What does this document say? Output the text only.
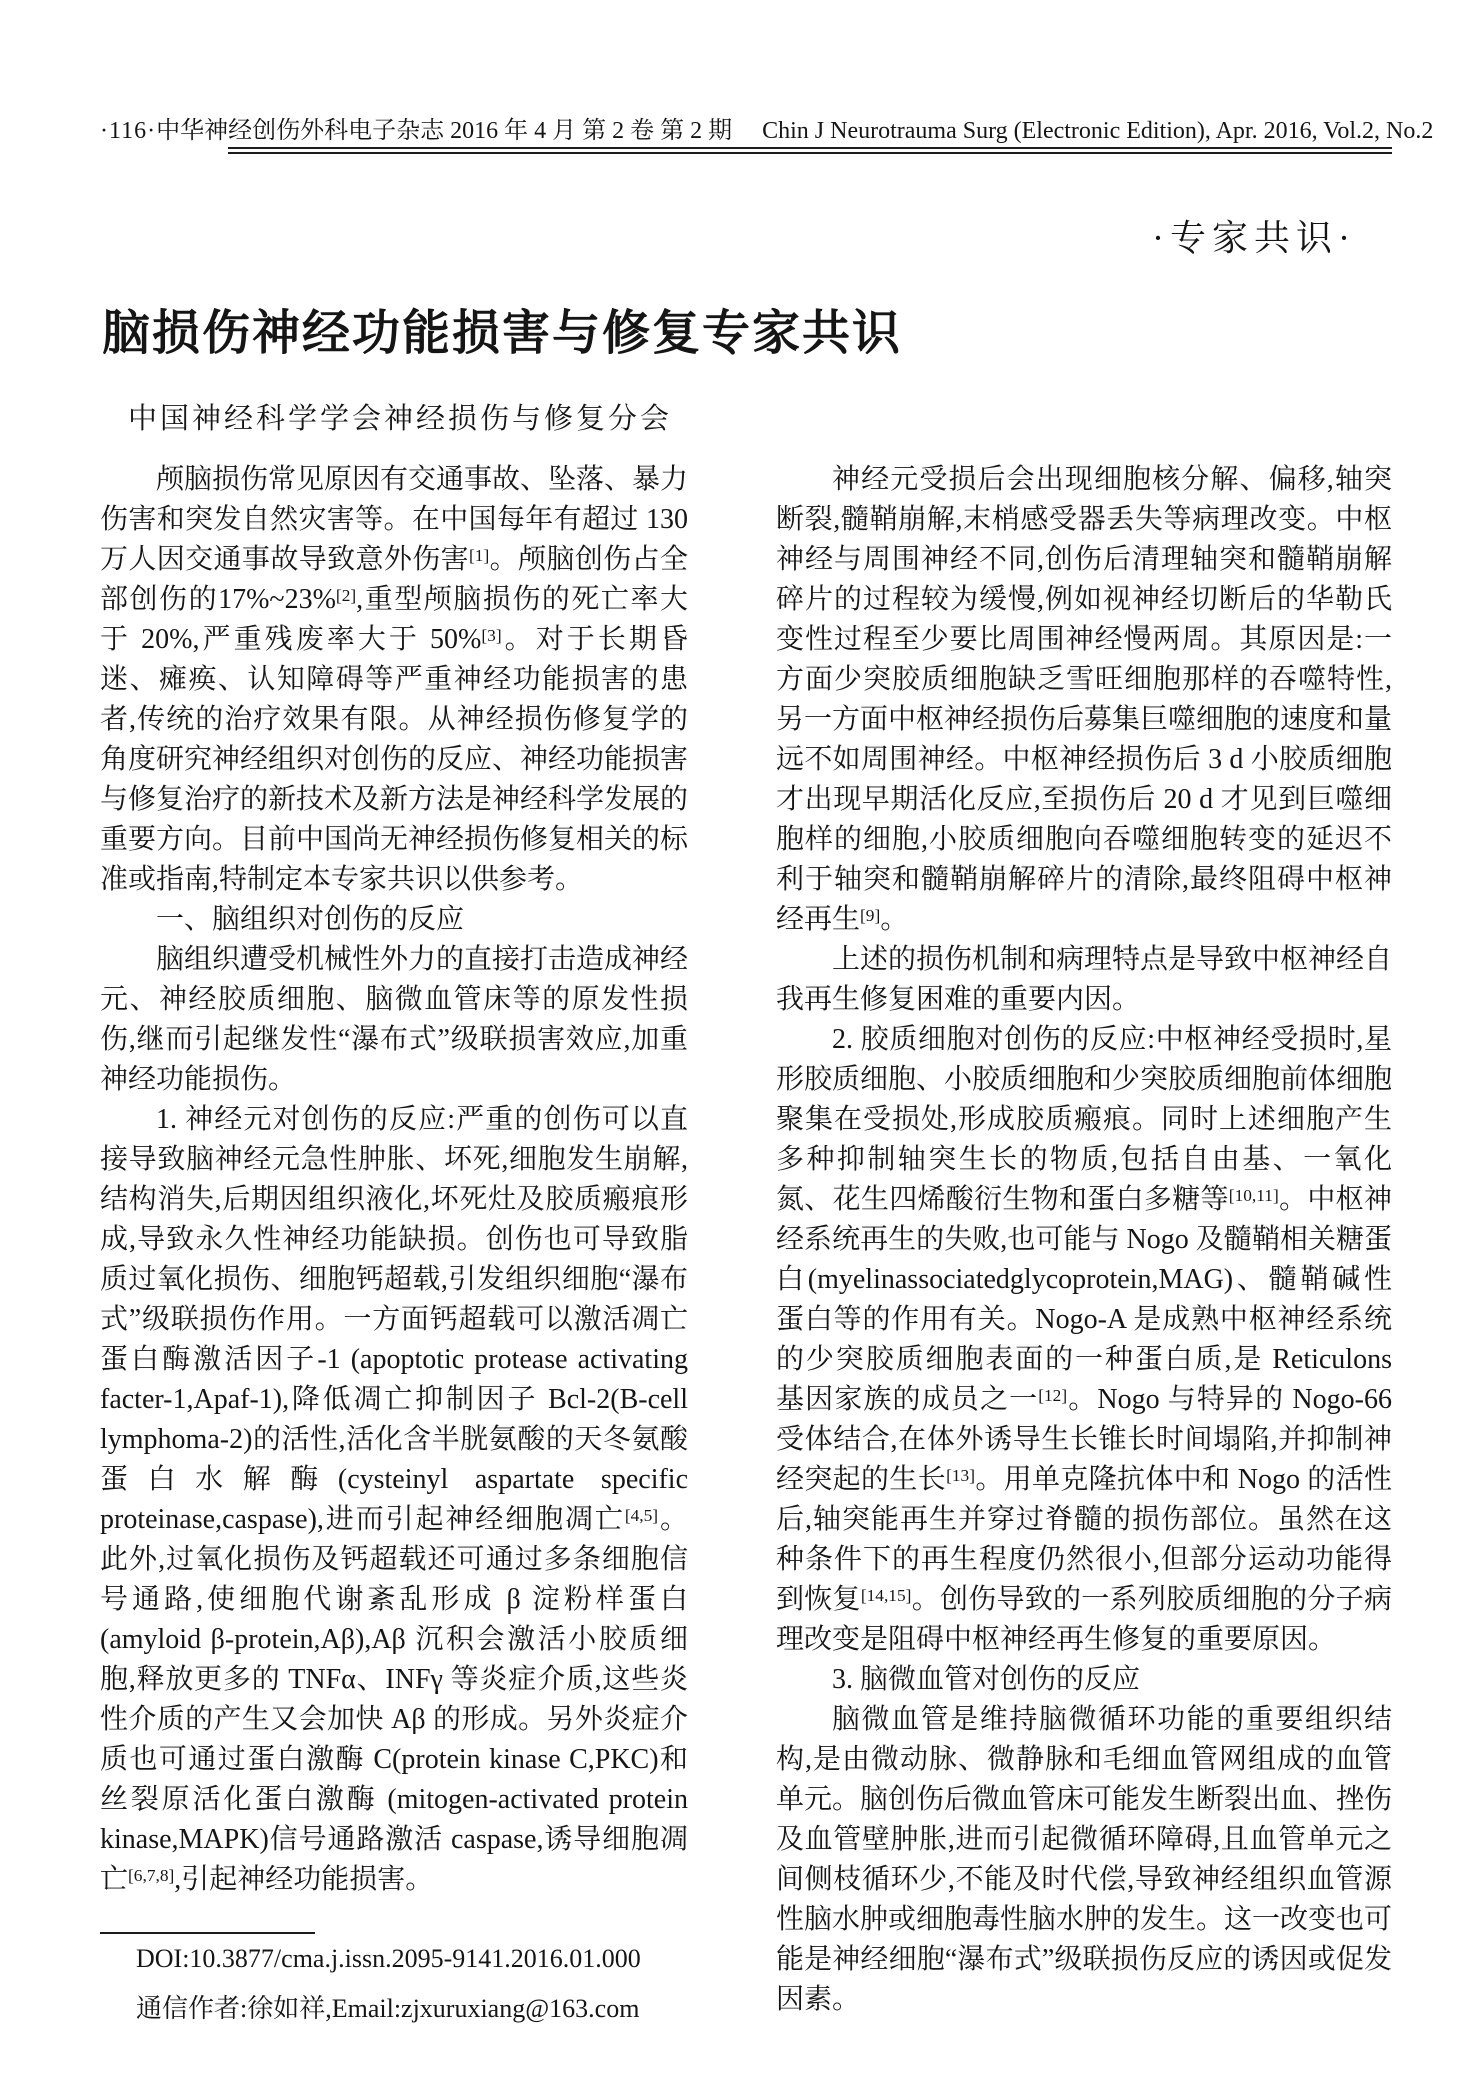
·116· 中华神经创伤外科电子杂志 2016 年 4 月 第 2 卷 第 2 期 Chin J Neurotrauma Surg (Electronic Edition), Apr. 2016, Vol.2, No.2
·专家共识·
脑损伤神经功能损害与修复专家共识
中国神经科学学会神经损伤与修复分会

颅脑损伤常见原因有交通事故、坠落、暴力伤害和突发自然灾害等。在中国每年有超过 130 万人因交通事故导致意外伤害[1]。颅脑创伤占全部创伤的17%~23%[2],重型颅脑损伤的死亡率大于 20%,严重残废率大于 50%[3]。对于长期昏迷、瘫痪、认知障碍等严重神经功能损害的患者,传统的治疗效果有限。从神经损伤修复学的角度研究神经组织对创伤的反应、神经功能损害与修复治疗的新技术及新方法是神经科学发展的重要方向。目前中国尚无神经损伤修复相关的标准或指南,特制定本专家共识以供参考。

一、脑组织对创伤的反应

脑组织遭受机械性外力的直接打击造成神经元、神经胶质细胞、脑微血管床等的原发性损伤,继而引起继发性“瀑布式”级联损害效应,加重神经功能损伤。

1. 神经元对创伤的反应:严重的创伤可以直接导致脑神经元急性肿胀、坏死,细胞发生崩解,结构消失,后期因组织液化,坏死灶及胶质瘢痕形成,导致永久性神经功能缺损。创伤也可导致脂质过氧化损伤、细胞钙超载,引发组织细胞“瀑布式”级联损伤作用。一方面钙超载可以激活凋亡蛋白酶激活因子-1 (apoptotic protease activating facter-1,Apaf-1),降低凋亡抑制因子 Bcl-2(B-cell lymphoma-2)的活性,活化含半胱氨酸的天冬氨酸蛋白水解酶(cysteinyl aspartate specific proteinase,caspase),进而引起神经细胞凋亡[4,5]。此外,过氧化损伤及钙超载还可通过多条细胞信号通路,使细胞代谢紊乱形成 β 淀粉样蛋白 (amyloid β-protein,Aβ),Aβ 沉积会激活小胶质细胞,释放更多的 TNFα、INFγ 等炎症介质,这些炎性介质的产生又会加快 Aβ 的形成。另外炎症介质也可通过蛋白激酶 C(protein kinase C,PKC)和丝裂原活化蛋白激酶 (mitogen-activated protein kinase,MAPK)信号通路激活 caspase,诱导细胞凋亡[6,7,8],引起神经功能损害。

DOI:10.3877/cma.j.issn.2095-9141.2016.01.000
通信作者:徐如祥,Email:zjxuruxiang@163.com

神经元受损后会出现细胞核分解、偏移,轴突断裂,髓鞘崩解,末梢感受器丢失等病理改变。中枢神经与周围神经不同,创伤后清理轴突和髓鞘崩解碎片的过程较为缓慢,例如视神经切断后的华勒氏变性过程至少要比周围神经慢两周。其原因是:一方面少突胶质细胞缺乏雪旺细胞那样的吞噬特性,另一方面中枢神经损伤后募集巨噬细胞的速度和量远不如周围神经。中枢神经损伤后 3 d 小胶质细胞才出现早期活化反应,至损伤后 20 d 才见到巨噬细胞样的细胞,小胶质细胞向吞噬细胞转变的延迟不利于轴突和髓鞘崩解碎片的清除,最终阻碍中枢神经再生[9]。

上述的损伤机制和病理特点是导致中枢神经自我再生修复困难的重要内因。

2. 胶质细胞对创伤的反应:中枢神经受损时,星形胶质细胞、小胶质细胞和少突胶质细胞前体细胞聚集在受损处,形成胶质瘢痕。同时上述细胞产生多种抑制轴突生长的物质,包括自由基、一氧化氮、花生四烯酸衍生物和蛋白多糖等[10,11]。中枢神经系统再生的失败,也可能与 Nogo 及髓鞘相关糖蛋白(myelinassociatedglycoprotein,MAG)、髓鞘碱性蛋白等的作用有关。Nogo-A 是成熟中枢神经系统的少突胶质细胞表面的一种蛋白质,是 Reticulons 基因家族的成员之一[12]。Nogo 与特异的 Nogo-66 受体结合,在体外诱导生长锥长时间塌陷,并抑制神经突起的生长[13]。用单克隆抗体中和 Nogo 的活性后,轴突能再生并穿过脊髓的损伤部位。虽然在这种条件下的再生程度仍然很小,但部分运动功能得到恢复[14,15]。创伤导致的一系列胶质细胞的分子病理改变是阻碍中枢神经再生修复的重要原因。

3. 脑微血管对创伤的反应

脑微血管是维持脑微循环功能的重要组织结构,是由微动脉、微静脉和毛细血管网组成的血管单元。脑创伤后微血管床可能发生断裂出血、挫伤及血管壁肿胀,进而引起微循环障碍,且血管单元之间侧枝循环少,不能及时代偿,导致神经组织血管源性脑水肿或细胞毒性脑水肿的发生。这一改变也可能是神经细胞“瀑布式”级联损伤反应的诱因或促发因素。
